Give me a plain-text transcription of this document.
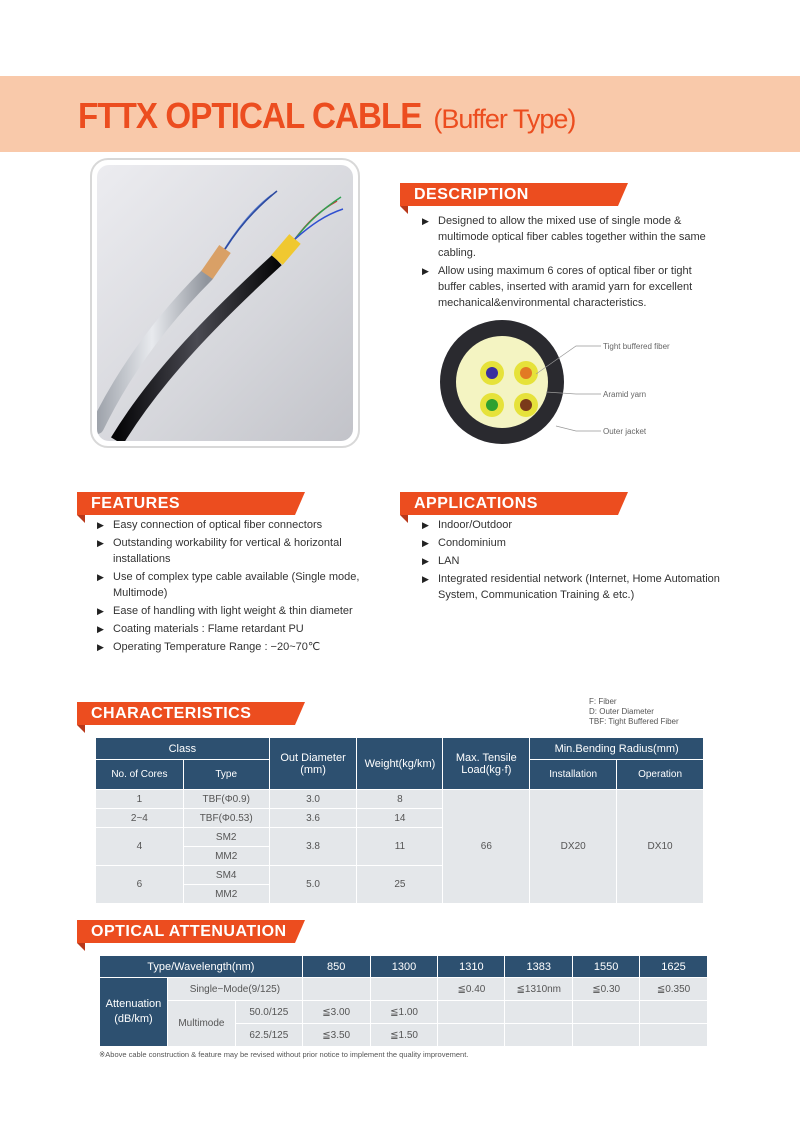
FTTX OPTICAL CABLE (Buffer Type)
DESCRIPTION
▶ Designed to allow the mixed use of single mode & multimode optical fiber cables together within the same cabling.
▶ Allow using maximum 6 cores of optical fiber or tight buffer cables, inserted with aramid yarn for excellent mechanical&environmental characteristics.
Tight buffered fiber
Aramid yarn
Outer jacket
FEATURES
▶ Easy connection of optical fiber connectors
▶ Outstanding workability for vertical & horizontal installations
▶ Use of complex type cable available (Single mode, Multimode)
▶ Ease of handling with light weight & thin diameter
▶ Coating materials : Flame retardant PU
▶ Operating Temperature Range : −20~70℃
APPLICATIONS
▶ Indoor/Outdoor
▶ Condominium
▶ LAN
▶ Integrated residential network (Internet, Home Automation System, Communication Training & etc.)
CHARACTERISTICS
F: Fiber
D: Outer Diameter
TBF: Tight Buffered Fiber
Class		Out Diameter (mm)	Weight(kg/km)	Max. Tensile Load(kg·f)	Min.Bending Radius(mm)	
No. of Cores	Type				Installation	Operation
1	TBF(Φ0.9)	3.0	8	66	DX20	DX10
2~4	TBF(Φ0.53)	3.6	14			
4	SM2	3.8	11			
	MM2					
6	SM4	5.0	25			
	MM2					
OPTICAL ATTENUATION
Type/Wavelength(nm)			850	1300	1310	1383	1550	1625
Attenuation (dB/km)	Single−Mode(9/125)				≦0.40	≦1310nm	≦0.30	≦0.350
	Multimode	50.0/125	≦3.00	≦1.00				
		62.5/125	≦3.50	≦1.50				
※Above cable construction & feature may be revised without prior notice to implement the quality improvement.
